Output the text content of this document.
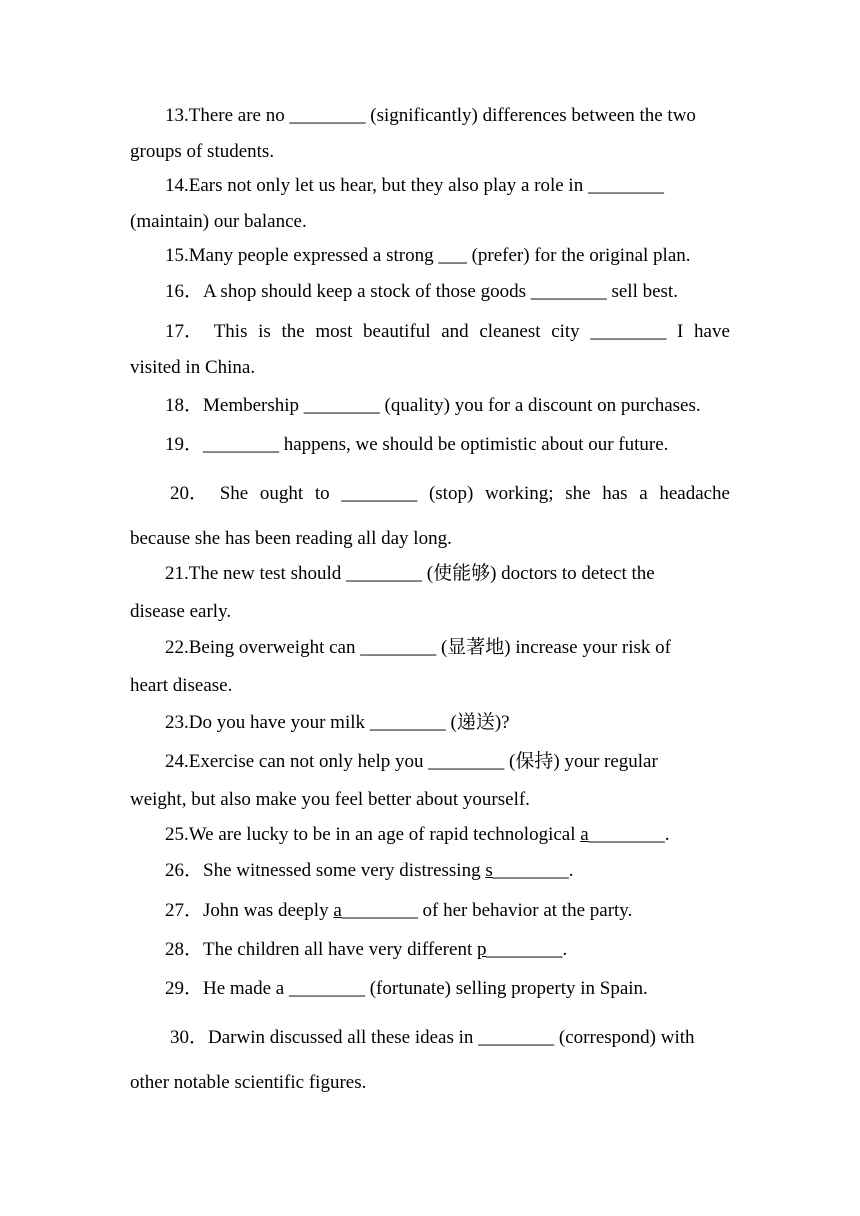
13.There are no ________ (significantly) differences between the two
groups of students.
14.Ears not only let us hear, but they also play a role in ________
(maintain) our balance.
15.Many people expressed a strong ___ (prefer) for the original plan.
16．A shop should keep a stock of those goods ________ sell best.
17． This is the most beautiful and cleanest city ________ I have
visited in China.
18．Membership ________ (quality) you for a discount on purchases.
19．________ happens, we should be optimistic about our future.
20． She ought to ________ (stop) working; she has a headache
because she has been reading all day long.
21.The new test should ________ (使能够) doctors to detect the
disease early.
22.Being overweight can ________ (显著地) increase your risk of
heart disease.
23.Do you have your milk ________ (递送)?
24.Exercise can not only help you ________ (保持) your regular
weight, but also make you feel better about yourself.
25.We are lucky to be in an age of rapid technological a________.
26．She witnessed some very distressing s________.
27．John was deeply a________ of her behavior at the party.
28．The children all have very different p________.
29．He made a ________ (fortunate) selling property in Spain.
30．Darwin discussed all these ideas in ________ (correspond) with
other notable scientific figures.
